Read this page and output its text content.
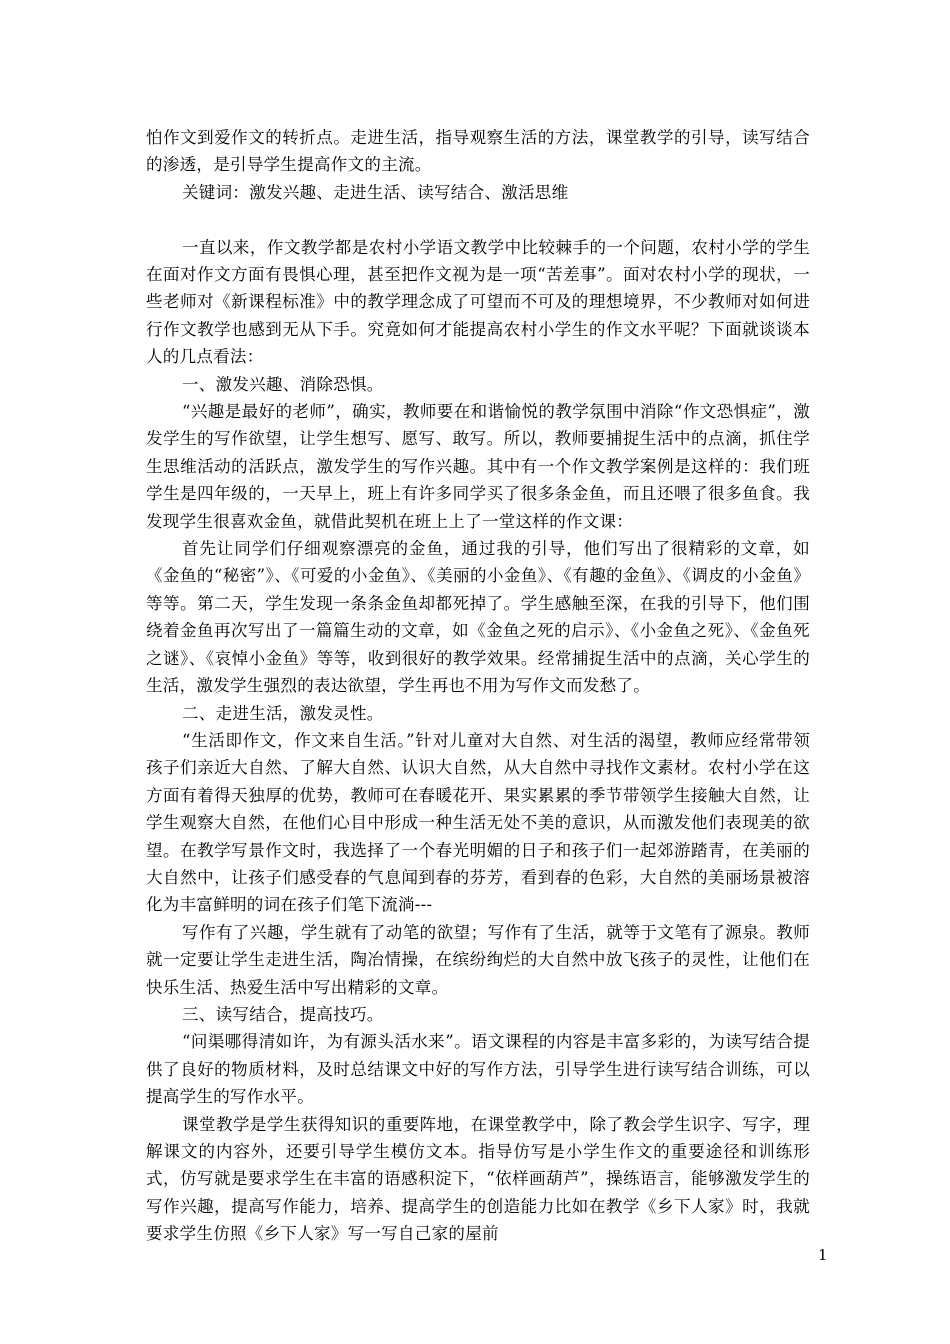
怕作文到爱作文的转折点。走进生活，指导观察生活的方法，课堂教学的引导，读写结合的渗透，是引导学生提高作文的主流。

关键词：激发兴趣、走进生活、读写结合、激活思维

一直以来，作文教学都是农村小学语文教学中比较棘手的一个问题，农村小学的学生在面对作文方面有畏惧心理，甚至把作文视为是一项“苦差事”。面对农村小学的现状，一些老师对《新课程标准》中的教学理念成了可望而不可及的理想境界，不少教师对如何进行作文教学也感到无从下手。究竟如何才能提高农村小学生的作文水平呢？下面就谈谈本人的几点看法：

一、激发兴趣、消除恐惧。

“兴趣是最好的老师”，确实，教师要在和谐愉悦的教学氛围中消除“作文恐惧症”，激发学生的写作欲望，让学生想写、愿写、敢写。所以，教师要捕捉生活中的点滴，抓住学生思维活动的活跃点，激发学生的写作兴趣。其中有一个作文教学案例是这样的：我们班学生是四年级的，一天早上，班上有许多同学买了很多条金鱼，而且还喂了很多鱼食。我发现学生很喜欢金鱼，就借此契机在班上上了一堂这样的作文课：

首先让同学们仔细观察漂亮的金鱼，通过我的引导，他们写出了很精彩的文章，如《金鱼的“秘密”》、《可爱的小金鱼》、《美丽的小金鱼》、《有趣的金鱼》、《调皮的小金鱼》等等。第二天，学生发现一条条金鱼却都死掉了。学生感触至深，在我的引导下，他们围绕着金鱼再次写出了一篇篇生动的文章，如《金鱼之死的启示》、《小金鱼之死》、《金鱼死之谜》、《哀悼小金鱼》等等，收到很好的教学效果。经常捕捉生活中的点滴，关心学生的生活，激发学生强烈的表达欲望，学生再也不用为写作文而发愁了。

二、走进生活，激发灵性。

“生活即作文，作文来自生活。”针对儿童对大自然、对生活的渴望，教师应经常带领孩子们亲近大自然、了解大自然、认识大自然，从大自然中寻找作文素材。农村小学在这方面有着得天独厚的优势，教师可在春暖花开、果实累累的季节带领学生接触大自然，让学生观察大自然，在他们心目中形成一种生活无处不美的意识，从而激发他们表现美的欲望。在教学写景作文时，我选择了一个春光明媚的日子和孩子们一起郊游踏青，在美丽的大自然中，让孩子们感受春的气息闻到春的芬芳，看到春的色彩，大自然的美丽场景被溶化为丰富鲜明的词在孩子们笔下流淌---

写作有了兴趣，学生就有了动笔的欲望；写作有了生活，就等于文笔有了源泉。教师就一定要让学生走进生活，陶冶情操，在缤纷绚烂的大自然中放飞孩子的灵性，让他们在快乐生活、热爱生活中写出精彩的文章。

三、读写结合，提高技巧。

“问渠哪得清如许，为有源头活水来”。语文课程的内容是丰富多彩的，为读写结合提供了良好的物质材料，及时总结课文中好的写作方法，引导学生进行读写结合训练，可以提高学生的写作水平。

课堂教学是学生获得知识的重要阵地，在课堂教学中，除了教会学生识字、写字，理解课文的内容外，还要引导学生模仿文本。指导仿写是小学生作文的重要途径和训练形式，仿写就是要求学生在丰富的语感积淀下，“依样画葫芦”，操练语言，能够激发学生的写作兴趣，提高写作能力，培养、提高学生的创造能力比如在教学《乡下人家》时，我就要求学生仿照《乡下人家》写一写自己家的屋前

1
